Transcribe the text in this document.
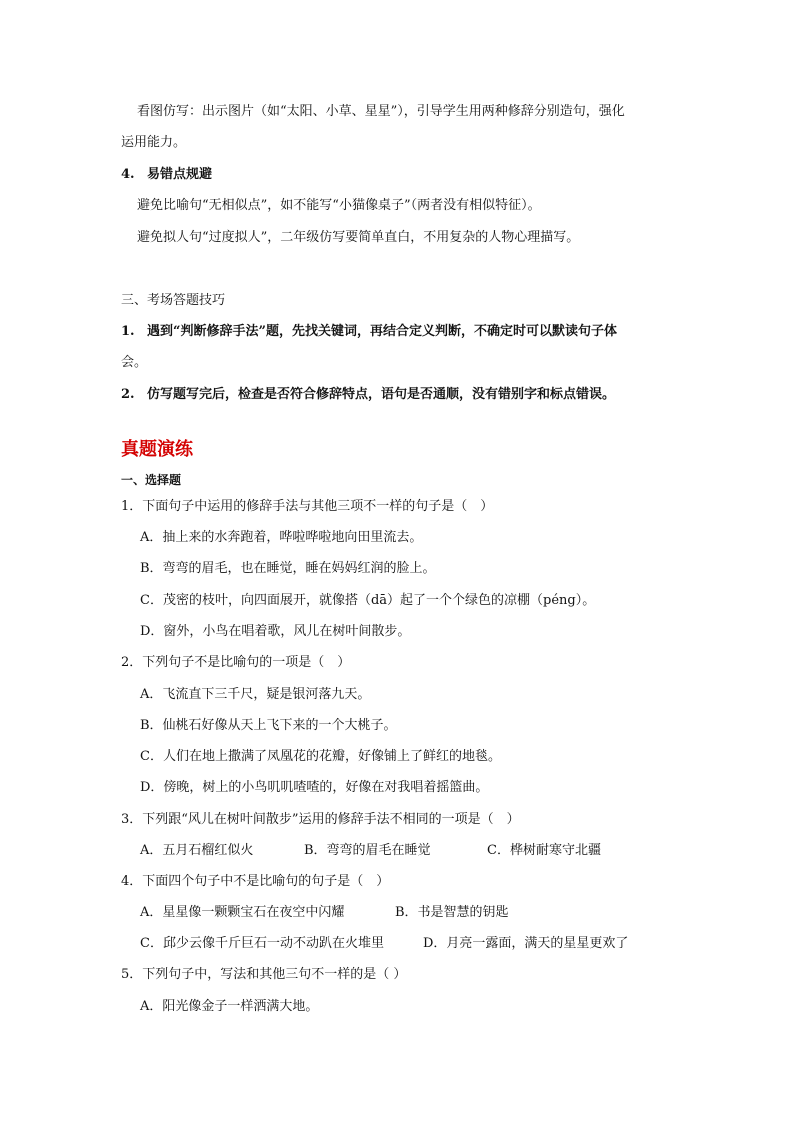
看图仿写：出示图片（如“太阳、小草、星星”），引导学生用两种修辞分别造句，强化
运用能力。
4. 易错点规避
避免比喻句“无相似点”，如不能写“小猫像桌子”（两者没有相似特征）。
避免拟人句“过度拟人”，二年级仿写要简单直白，不用复杂的人物心理描写。
三、考场答题技巧
1. 遇到“判断修辞手法”题，先找关键词，再结合定义判断，不确定时可以默读句子体
会。
2. 仿写题写完后，检查是否符合修辞特点，语句是否通顺，没有错别字和标点错误。
真题演练
一、选择题
1．下面句子中运用的修辞手法与其他三项不一样的句子是（　）
A．抽上来的水奔跑着，哗啦哗啦地向田里流去。
B．弯弯的眉毛，也在睡觉，睡在妈妈红润的脸上。
C．茂密的枝叶，向四面展开，就像搭（dā）起了一个个绿色的凉棚（péng）。
D．窗外，小鸟在唱着歌，风儿在树叶间散步。
2．下列句子不是比喻句的一项是（　）
A．飞流直下三千尺，疑是银河落九天。
B．仙桃石好像从天上飞下来的一个大桃子。
C．人们在地上撒满了凤凰花的花瓣，好像铺上了鲜红的地毯。
D．傍晚，树上的小鸟叽叽喳喳的，好像在对我唱着摇篮曲。
3．下列跟“风儿在树叶间散步”运用的修辞手法不相同的一项是（　）
A．五月石榴红似火	B．弯弯的眉毛在睡觉	C．桦树耐寒守北疆
4．下面四个句子中不是比喻句的句子是（　）
A．星星像一颗颗宝石在夜空中闪耀	B．书是智慧的钥匙
C．邱少云像千斤巨石一动不动趴在火堆里	D．月亮一露面，满天的星星更欢了
5．下列句子中，写法和其他三句不一样的是（ ）
A．阳光像金子一样洒满大地。
